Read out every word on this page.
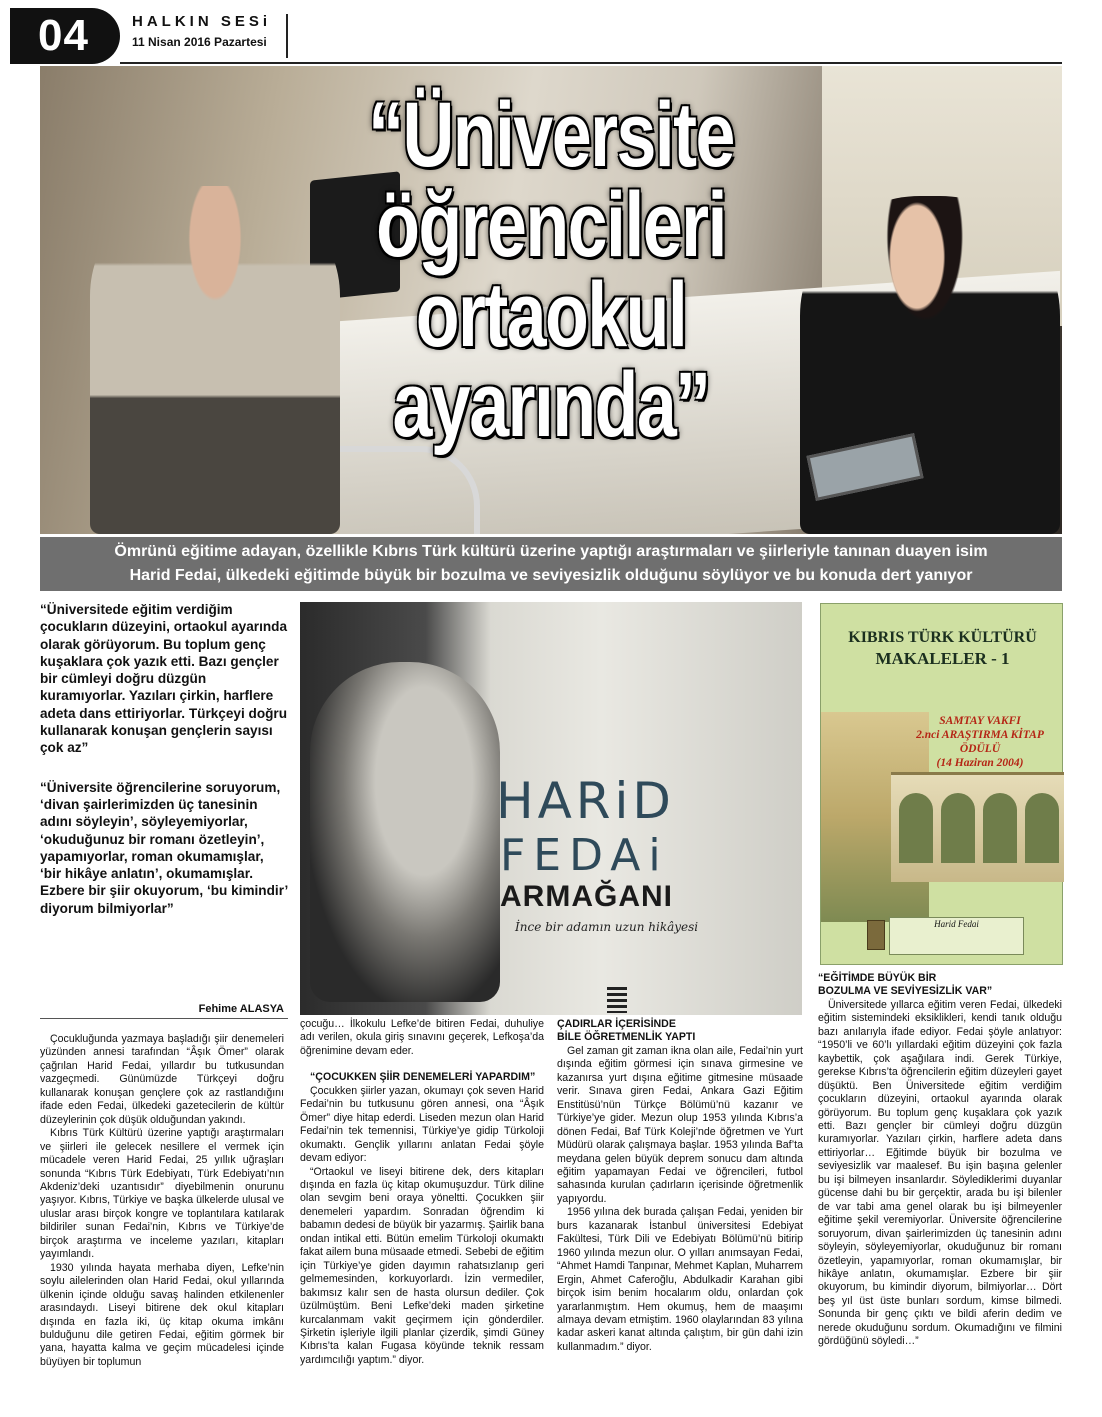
04	HALKIN SESi
11 Nisan 2016 Pazartesi
“Üniversite
öğrencileri
ortaokul
ayarında”
Ömrünü eğitime adayan, özellikle Kıbrıs Türk kültürü üzerine yaptığı araştırmaları ve şiirleriyle tanınan duayen isim
Harid Fedai, ülkedeki eğitimde büyük bir bozulma ve seviyesizlik olduğunu söylüyor ve bu konuda dert yanıyor

“Üniversitede eğitim verdiğim çocukların düzeyini, ortaokul ayarında olarak görüyorum. Bu toplum genç kuşaklara çok yazık etti. Bazı gençler bir cümleyi doğru düzgün kuramıyorlar. Yazıları çirkin, harflere adeta dans ettiriyorlar. Türkçeyi doğru kullanarak konuşan gençlerin sayısı çok az”

“Üniversite öğrencilerine soruyorum, ‘divan şairlerimizden üç tanesinin adını söyleyin’, söyleyemiyorlar, ‘okuduğunuz bir romanı özetleyin’, yapamıyorlar, roman okumamışlar, ‘bir hikâye anlatın’, okumamışlar. Ezbere bir şiir okuyorum, ‘bu kimindir’ diyorum bilmiyorlar”

Fehime ALASYA
HARiD
FEDAi
ARMAĞANI
İnce bir adamın uzun hikâyesi
KIBRIS TÜRK KÜLTÜRÜ
MAKALELER - 1
SAMTAY VAKFI
2.nci ARAŞTIRMA KİTAP
ÖDÜLÜ
(14 Haziran 2004)
Harid Fedai

Çocukluğunda yazmaya başladığı şiir denemeleri yüzünden annesi tarafından “Âşık Ömer” olarak çağrılan Harid Fedai, yıllardır bu tutkusundan vazgeçmedi. Günümüzde Türkçeyi doğru kullanarak konuşan gençlere çok az rastlandığını ifade eden Fedai, ülkedeki gazetecilerin de kültür düzeylerinin çok düşük olduğundan yakındı.

Kıbrıs Türk Kültürü üzerine yaptığı araştırmaları ve şiirleri ile gelecek nesillere el vermek için mücadele veren Harid Fedai, 25 yıllık uğraşları sonunda “Kıbrıs Türk Edebiyatı, Türk Edebiyatı’nın Akdeniz’deki uzantısıdır” diyebilmenin onurunu yaşıyor. Kıbrıs, Türkiye ve başka ülkelerde ulusal ve uluslar arası birçok kongre ve toplantılara katılarak bildiriler sunan Fedai’nin, Kıbrıs ve Türkiye’de birçok araştırma ve inceleme yazıları, kitapları yayımlandı.

1930 yılında hayata merhaba diyen, Lefke’nin soylu ailelerinden olan Harid Fedai, okul yıllarında ülkenin içinde olduğu savaş halinden etkilenenler arasındaydı. Liseyi bitirene dek okul kitapları dışında en fazla iki, üç kitap okuma imkânı bulduğunu dile getiren Fedai, eğitim görmek bir yana, hayatta kalma ve geçim mücadelesi içinde büyüyen bir toplumun

çocuğu… İlkokulu Lefke’de bitiren Fedai, duhuliye adı verilen, okula giriş sınavını geçerek, Lefkoşa’da öğrenimine devam eder.

“ÇOCUKKEN ŞİİR DENEMELERİ YAPARDIM”

Çocukken şiirler yazan, okumayı çok seven Harid Fedai’nin bu tutkusunu gören annesi, ona “Âşık Ömer” diye hitap ederdi. Liseden mezun olan Harid Fedai’nin tek temennisi, Türkiye’ye gidip Türkoloji okumaktı. Gençlik yıllarını anlatan Fedai şöyle devam ediyor:

“Ortaokul ve liseyi bitirene dek, ders kitapları dışında en fazla üç kitap okumuşuzdur. Türk diline olan sevgim beni oraya yöneltti. Çocukken şiir denemeleri yapardım. Sonradan öğrendim ki babamın dedesi de büyük bir yazarmış. Şairlik bana ondan intikal etti. Bütün emelim Türkoloji okumaktı fakat ailem buna müsaade etmedi. Sebebi de eğitim için Türkiye’ye giden dayımın rahatsızlanıp geri gelmemesinden, korkuyorlardı. İzin vermediler, bakımsız kalır sen de hasta olursun dediler. Çok üzülmüştüm. Beni Lefke’deki maden şirketine kurcalanmam vakit geçirmem için gönderdiler. Şirketin işleriyle ilgili planlar çizerdik, şimdi Güney Kıbrıs’ta kalan Fugasa köyünde teknik ressam yardımcılığı yaptım.” diyor.

ÇADIRLAR İÇERİSİNDE
BİLE ÖĞRETMENLİK YAPTI

Gel zaman git zaman ikna olan aile, Fedai’nin yurt dışında eğitim görmesi için sınava girmesine ve kazanırsa yurt dışına eğitime gitmesine müsaade verir. Sınava giren Fedai, Ankara Gazi Eğitim Enstitüsü’nün Türkçe Bölümü’nü kazanır ve Türkiye’ye gider. Mezun olup 1953 yılında Kıbrıs’a dönen Fedai, Baf Türk Koleji’nde öğretmen ve Yurt Müdürü olarak çalışmaya başlar. 1953 yılında Baf’ta meydana gelen büyük deprem sonucu dam altında eğitim yapamayan Fedai ve öğrencileri, futbol sahasında kurulan çadırların içerisinde öğretmenlik yapıyordu.

1956 yılına dek burada çalışan Fedai, yeniden bir burs kazanarak İstanbul üniversitesi Edebiyat Fakültesi, Türk Dili ve Edebiyatı Bölümü’nü bitirip 1960 yılında mezun olur. O yılları anımsayan Fedai, “Ahmet Hamdi Tanpınar, Mehmet Kaplan, Muharrem Ergin, Ahmet Caferoğlu, Abdulkadir Karahan gibi birçok isim benim hocalarım oldu, onlardan çok yararlanmıştım. Hem okumuş, hem de maaşımı almaya devam etmiştim. 1960 olaylarından 83 yılına kadar askeri kanat altında çalıştım, bir gün dahi izin kullanmadım.” diyor.

“EĞİTİMDE BÜYÜK BİR
BOZULMA VE SEVİYESİZLİK VAR”

Üniversitede yıllarca eğitim veren Fedai, ülkedeki eğitim sistemindeki eksiklikleri, kendi tanık olduğu bazı anılarıyla ifade ediyor. Fedai şöyle anlatıyor: “1950’li ve 60’lı yıllardaki eğitim düzeyini çok fazla kaybettik, çok aşağılara indi. Gerek Türkiye, gerekse Kıbrıs’ta öğrencilerin eğitim düzeyleri gayet düşüktü. Ben Üniversitede eğitim verdiğim çocukların düzeyini, ortaokul ayarında olarak görüyorum. Bu toplum genç kuşaklara çok yazık etti. Bazı gençler bir cümleyi doğru düzgün kuramıyorlar. Yazıları çirkin, harflere adeta dans ettiriyorlar… Eğitimde büyük bir bozulma ve seviyesizlik var maalesef. Bu işin başına gelenler bu işi bilmeyen insanlardır. Söylediklerimi duyanlar gücense dahi bu bir gerçektir, arada bu işi bilenler de var tabi ama genel olarak bu işi bilmeyenler eğitime şekil veremiyorlar. Üniversite öğrencilerine soruyorum, divan şairlerimizden üç tanesinin adını söyleyin, söyleyemiyorlar, okuduğunuz bir romanı özetleyin, yapamıyorlar, roman okumamışlar, bir hikâye anlatın, okumamışlar. Ezbere bir şiir okuyorum, bu kimindir diyorum, bilmiyorlar… Dört beş yıl üst üste bunları sordum, kimse bilmedi. Sonunda bir genç çıktı ve bildi aferin dedim ve nerede okuduğunu sordum. Okumadığını ve filmini gördüğünü söyledi…”
